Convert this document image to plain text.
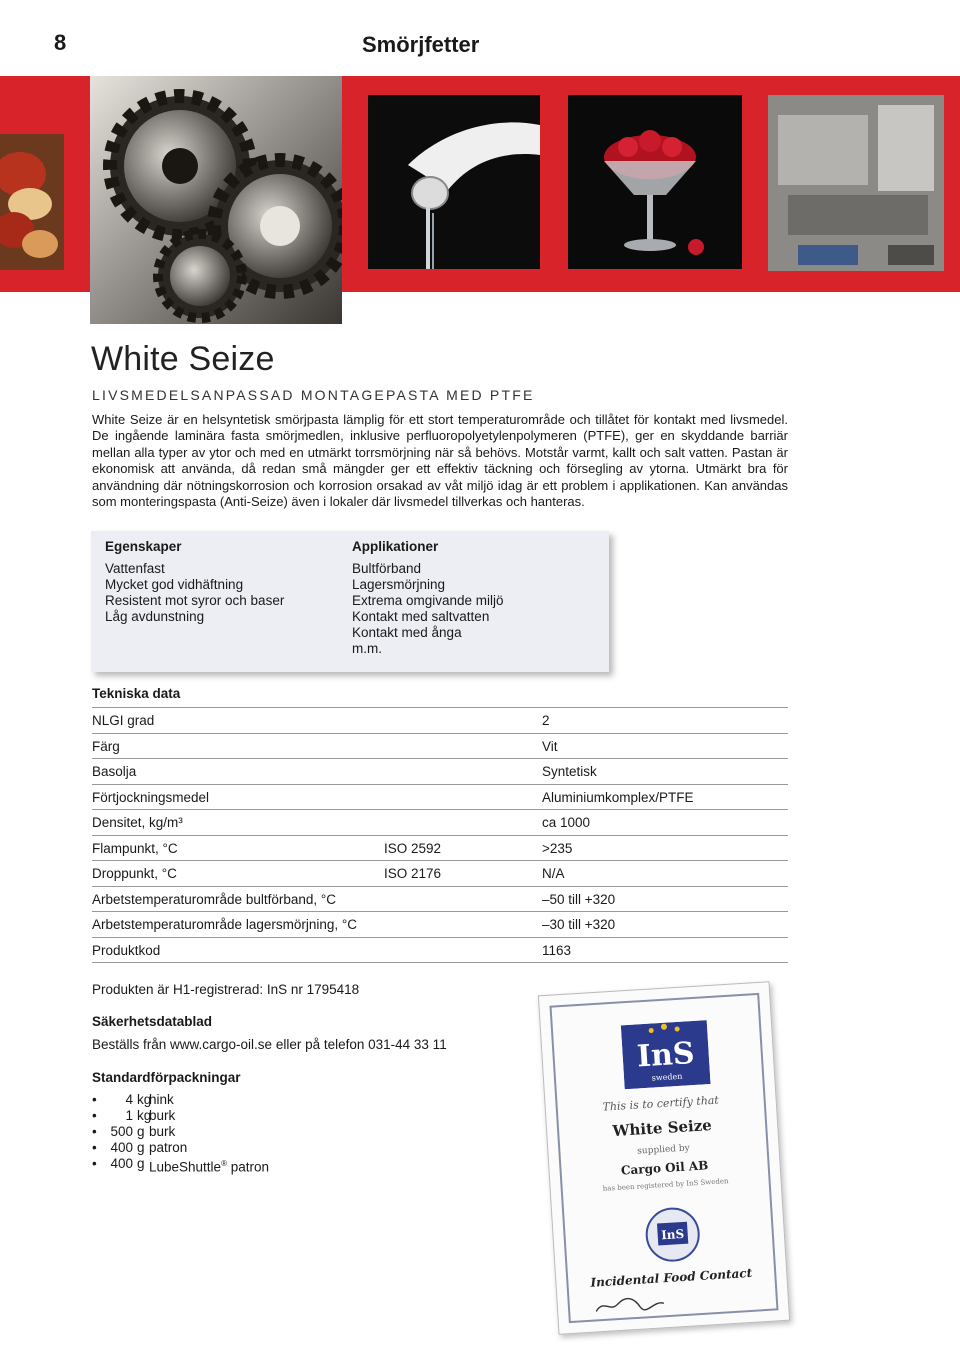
8	Smörjfetter
White Seize
LIVSMEDELSANPASSAD MONTAGEPASTA MED PTFE

White Seize är en helsyntetisk smörjpasta lämplig för ett stort temperaturområde och tillåtet för kontakt med livsmedel. De ingående laminära fasta smörjmedlen, inklusive perfluoropolyetylenpolymeren (PTFE), ger en skyddande barriär mellan alla typer av ytor och med en utmärkt torrsmörjning när så behövs. Motstår varmt, kallt och salt vatten. Pastan är ekonomisk att använda, då redan små mängder ger ett effektiv täckning och försegling av ytorna. Utmärkt bra för användning där nötningskorrosion och korrosion orsakad av våt miljö idag är ett problem i applikationen. Kan användas som monteringspasta (Anti-Seize) även i lokaler där livsmedel tillverkas och hanteras.

Egenskaper
Vattenfast
Mycket god vidhäftning
Resistent mot syror och baser
Låg avdunstning
Applikationer
Bultförband
Lagersmörjning
Extrema omgivande miljö
Kontakt med saltvatten
Kontakt med ånga
m.m.
Tekniska data
NLGI grad	2
Färg	Vit
Basolja	Syntetisk
Förtjockningsmedel	Aluminiumkomplex/PTFE
Densitet, kg/m³	ca 1000
Flampunkt, °C	ISO 2592	>235
Droppunkt, °C	ISO 2176	N/A
Arbetstemperaturområde bultförband, °C	–50 till +320
Arbetstemperaturområde lagersmörjning, °C	–30 till +320
Produktkod	1163
Produkten är H1-registrerad: InS nr 1795418
Säkerhetsdatablad
Beställs från www.cargo-oil.se eller på telefon 031-44 33 11
Standardförpackningar
•	4 kg
hink
•	1 kg
burk
•	500 g burk
•	400 g patron
•	400 g LubeShuttle® patron
InS
sweden
This is to certify that
White Seize
supplied by
Cargo Oil AB
has been registered by InS Sweden
InS
Incidental Food Contact
